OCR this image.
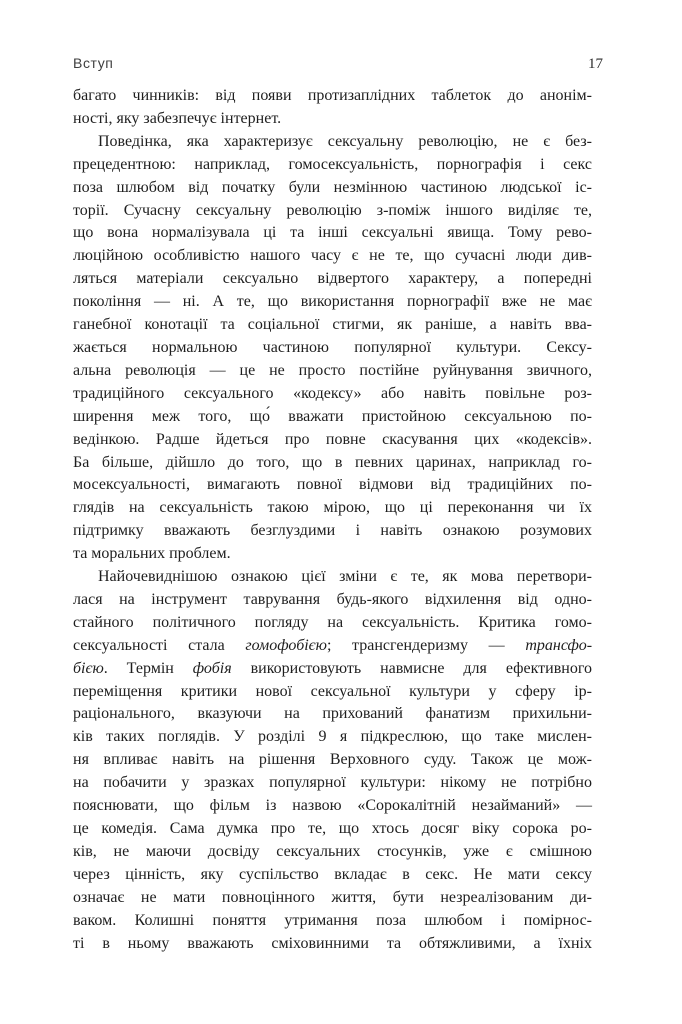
Вступ	17
багато чинників: від появи протизаплідних таблеток до анонім-
ності, яку забезпечує інтернет.
Поведінка, яка характеризує сексуальну революцію, не є без-
прецедентною: наприклад, гомосексуальність, порнографія і секс
поза шлюбом від початку були незмінною частиною людської іс-
торії. Сучасну сексуальну революцію з-поміж іншого виділяє те,
що вона нормалізувала ці та інші сексуальні явища. Тому рево-
люційною особливістю нашого часу є не те, що сучасні люди див-
ляться матеріали сексуально відвертого характеру, а попередні
покоління — ні. А те, що використання порнографії вже не має
ганебної конотації та соціальної стигми, як раніше, а навіть вва-
жається нормальною частиною популярної культури. Сексу-
альна революція — це не просто постійне руйнування звичного,
традиційного сексуального «кодексу» або навіть повільне роз-
ширення меж того, що́ вважати пристойною сексуальною по-
ведінкою. Радше йдеться про повне скасування цих «кодексів».
Ба більше, дійшло до того, що в певних царинах, наприклад го-
мосексуальності, вимагають повної відмови від традиційних по-
глядів на сексуальність такою мірою, що ці переконання чи їх
підтримку вважають безглуздими і навіть ознакою розумових
та моральних проблем.
Найочевиднішою ознакою цієї зміни є те, як мова перетвори-
лася на інструмент таврування будь-якого відхилення від одно-
стайного політичного погляду на сексуальність. Критика гомо-
сексуальності стала гомофобією; трансгендеризму — трансфо-
бією. Термін фобія використовують навмисне для ефективного
переміщення критики нової сексуальної культури у сферу ір-
раціонального, вказуючи на прихований фанатизм прихильни-
ків таких поглядів. У розділі 9 я підкреслюю, що таке мислен-
ня впливає навіть на рішення Верховного суду. Також це мож-
на побачити у зразках популярної культури: нікому не потрібно
пояснювати, що фільм із назвою «Сорокалітній незайманий» —
це комедія. Сама думка про те, що хтось досяг віку сорока ро-
ків, не маючи досвіду сексуальних стосунків, уже є смішною
через цінність, яку суспільство вкладає в секс. Не мати сексу
означає не мати повноцінного життя, бути незреалізованим ди-
ваком. Колишні поняття утримання поза шлюбом і помірнос-
ті в ньому вважають сміховинними та обтяжливими, а їхніх
